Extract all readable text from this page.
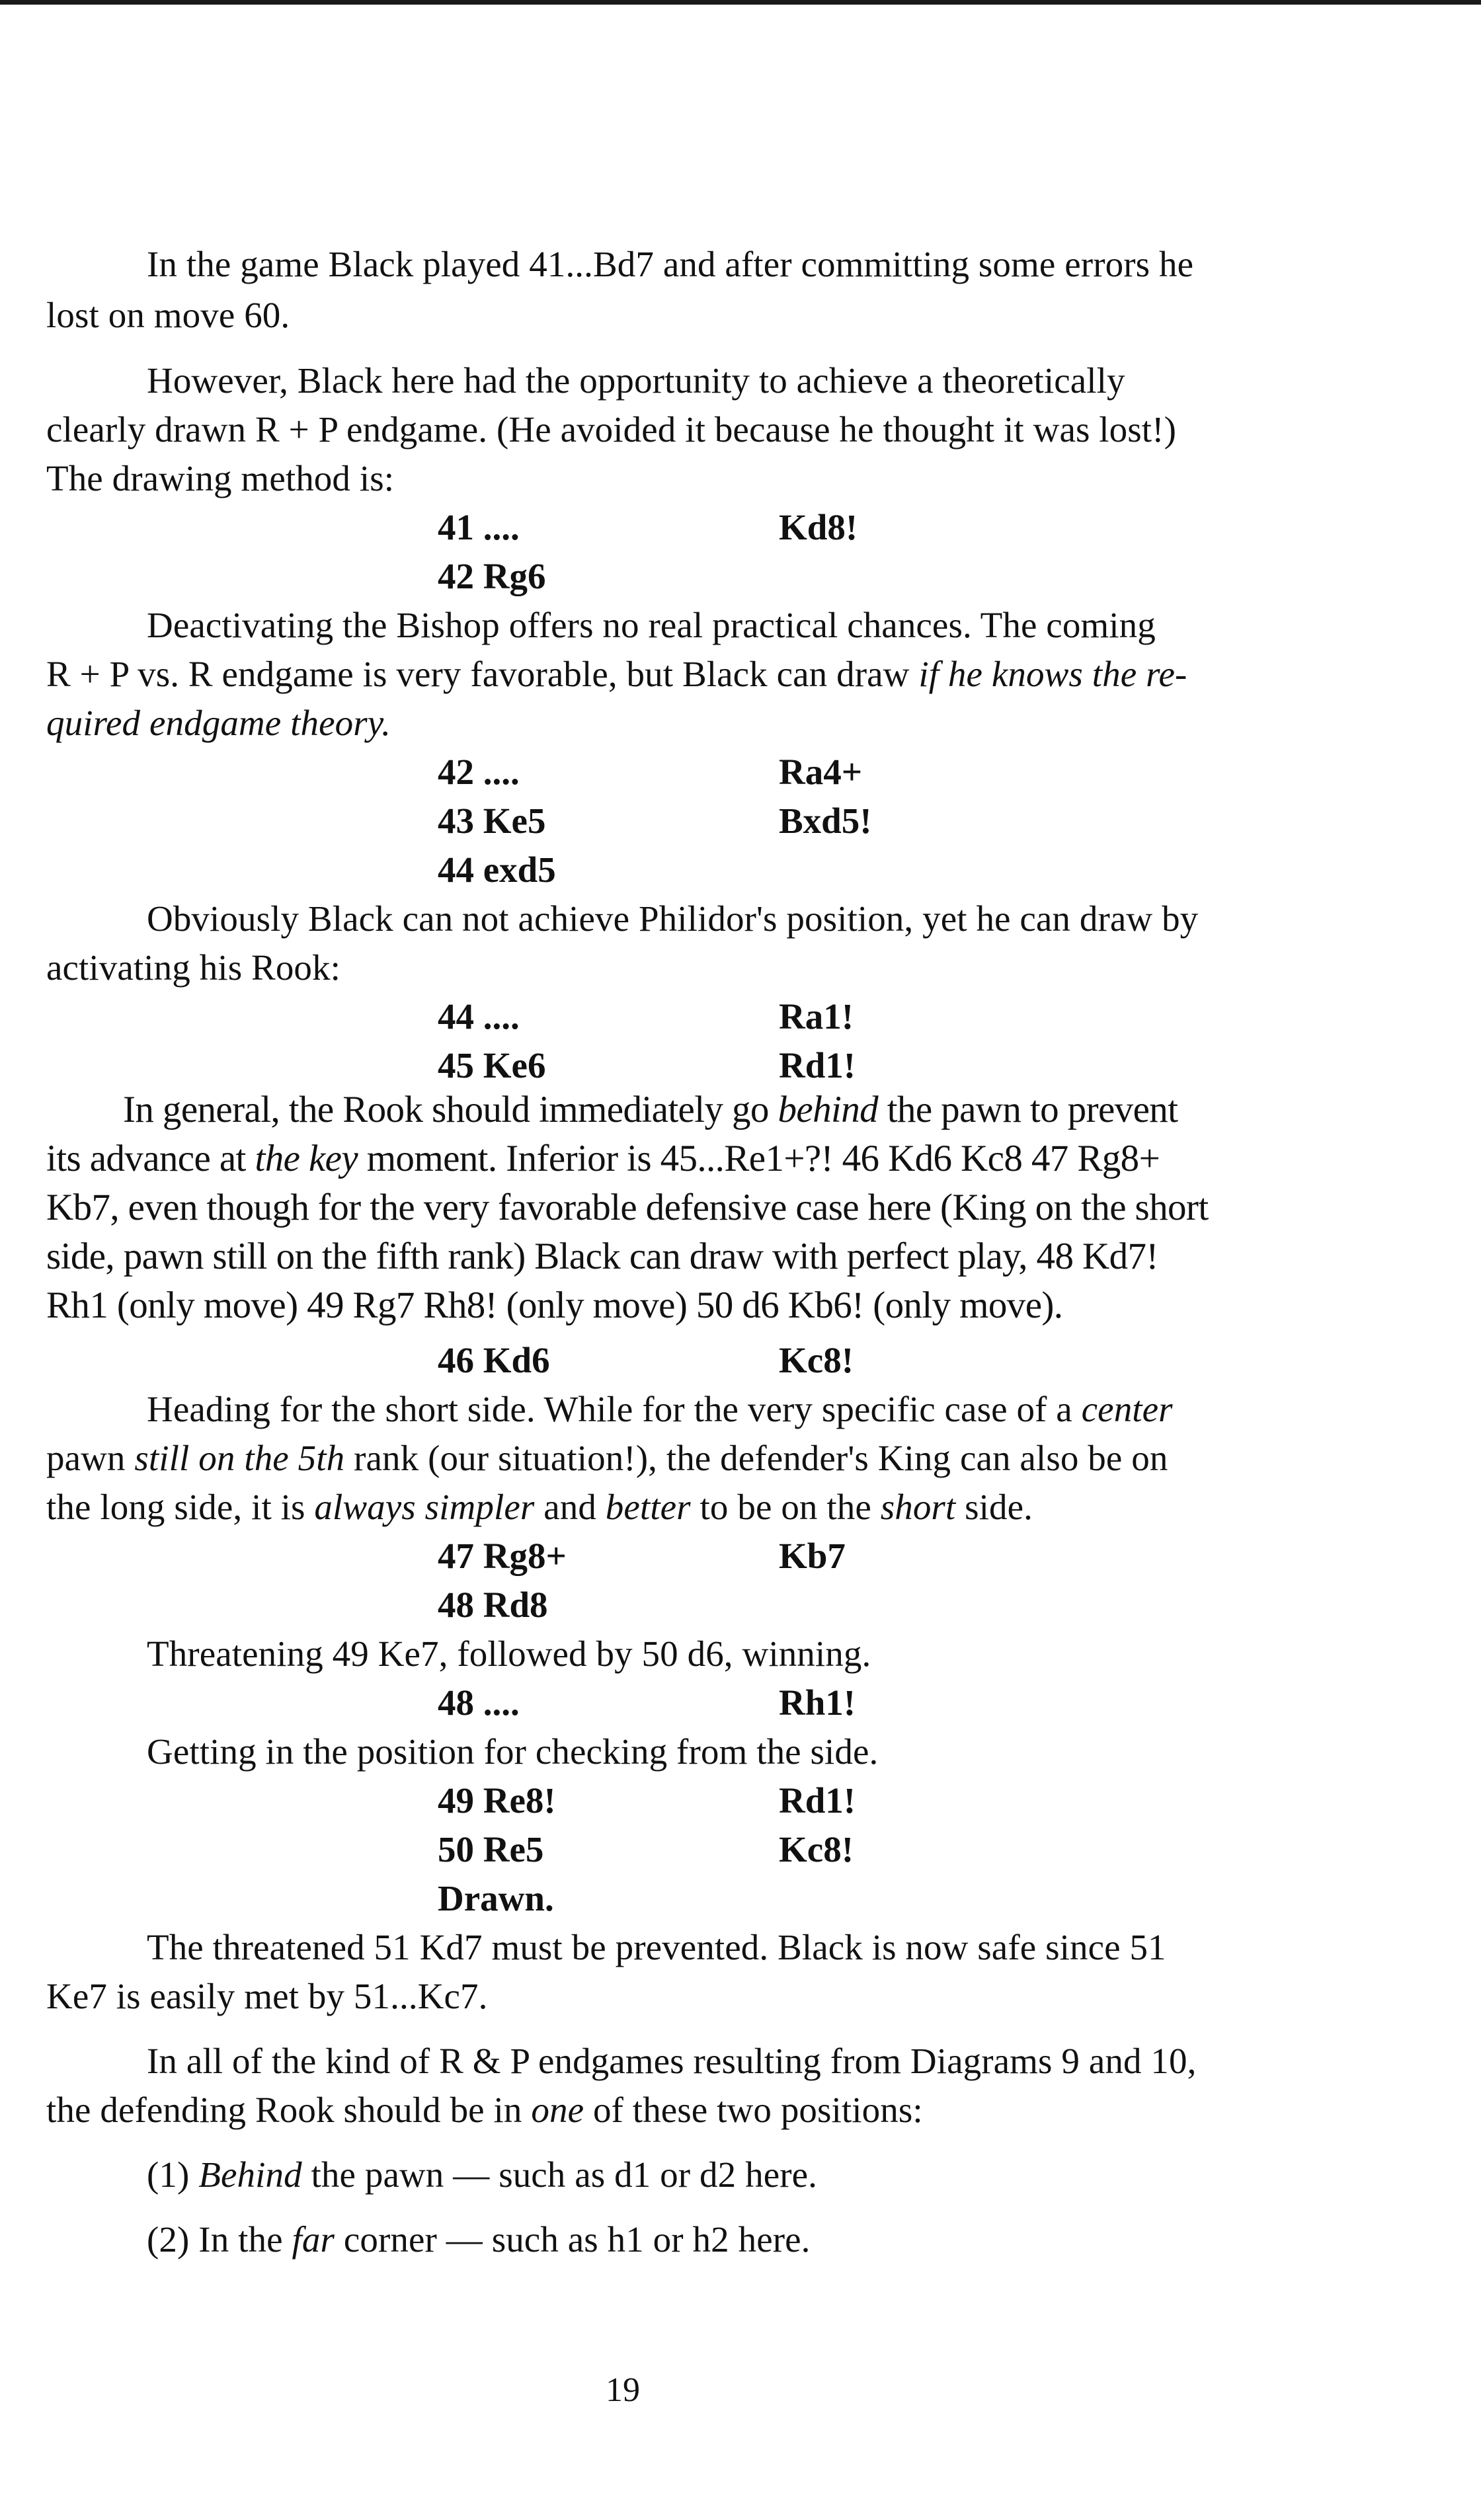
In the game Black played 41...Bd7 and after committing some errors he
lost on move 60.
However, Black here had the opportunity to achieve a theoretically
clearly drawn R + P endgame. (He avoided it because he thought it was lost!)
The drawing method is:
41 ....	Kd8!
42 Rg6
Deactivating the Bishop offers no real practical chances. The coming
R + P vs. R endgame is very favorable, but Black can draw if he knows the re-
quired endgame theory.
42 ....	Ra4+
43 Ke5	Bxd5!
44 exd5
Obviously Black can not achieve Philidor's position, yet he can draw by
activating his Rook:
44 ....	Ra1!
45 Ke6	Rd1!
In general, the Rook should immediately go behind the pawn to prevent
its advance at the key moment. Inferior is 45...Re1+?! 46 Kd6 Kc8 47 Rg8+
Kb7, even though for the very favorable defensive case here (King on the short
side, pawn still on the fifth rank) Black can draw with perfect play, 48 Kd7!
Rh1 (only move) 49 Rg7 Rh8! (only move) 50 d6 Kb6! (only move).
46 Kd6	Kc8!
Heading for the short side. While for the very specific case of a center
pawn still on the 5th rank (our situation!), the defender's King can also be on
the long side, it is always simpler and better to be on the short side.
47 Rg8+	Kb7
48 Rd8
Threatening 49 Ke7, followed by 50 d6, winning.
48 ....	Rh1!
Getting in the position for checking from the side.
49 Re8!	Rd1!
50 Re5	Kc8!
Drawn.
The threatened 51 Kd7 must be prevented. Black is now safe since 51
Ke7 is easily met by 51...Kc7.
In all of the kind of R & P endgames resulting from Diagrams 9 and 10,
the defending Rook should be in one of these two positions:
(1) Behind the pawn — such as d1 or d2 here.
(2) In the far corner — such as h1 or h2 here.
19
